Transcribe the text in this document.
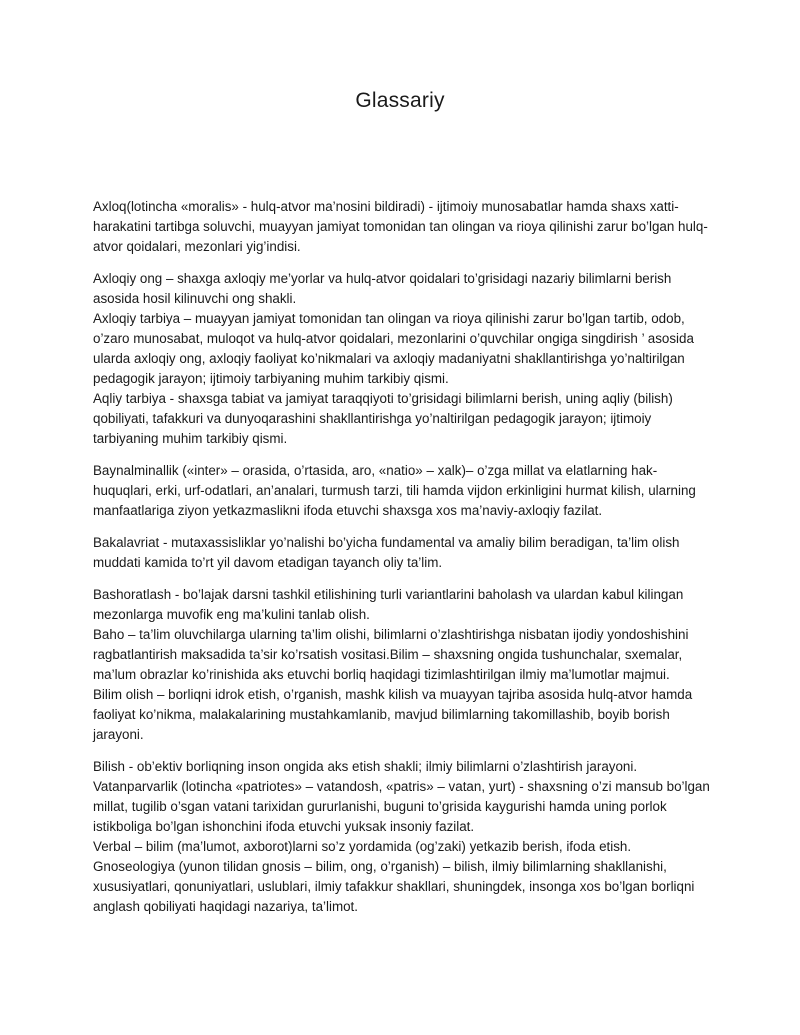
Glassariy

Axloq(lotincha «moralis» - hulq-atvor ma’nosini bildiradi) - ijtimoiy munosabatlar hamda shaxs xatti-harakatini tartibga soluvchi, muayyan jamiyat tomonidan tan olingan va rioya qilinishi zarur bo’lgan hulq-atvor qoidalari, mezonlari yig’indisi.

Axloqiy ong – shaxga axloqiy me’yorlar va hulq-atvor qoidalari to’grisidagi nazariy bilimlarni berish asosida hosil kilinuvchi ong shakli.

Axloqiy tarbiya – muayyan jamiyat tomonidan tan olingan va rioya qilinishi zarur bo’lgan tartib, odob, o’zaro munosabat, muloqot va hulq-atvor qoidalari, mezonlarini o’quvchilar ongiga singdirish ’ asosida ularda axloqiy ong, axloqiy faoliyat ko’nikmalari va axloqiy madaniyatni shakllantirishga yo’naltirilgan pedagogik jarayon; ijtimoiy tarbiyaning muhim tarkibiy qismi.

Aqliy tarbiya - shaxsga tabiat va jamiyat taraqqiyoti to’grisidagi bilimlarni berish, uning aqliy (bilish) qobiliyati, tafakkuri va dunyoqarashini shakllantirishga yo’naltirilgan pedagogik jarayon; ijtimoiy tarbiyaning muhim tarkibiy qismi.

Baynalminallik («inter» – orasida, o’rtasida, aro, «natio» – xalk)– o’zga millat va elatlarning hak-huquqlari, erki, urf-odatlari, an’analari, turmush tarzi, tili hamda vijdon erkinligini hurmat kilish, ularning manfaatlariga ziyon yetkazmaslikni ifoda etuvchi shaxsga xos ma’naviy-axloqiy fazilat.

Bakalavriat - mutaxassisliklar yo’nalishi bo’yicha fundamental va amaliy bilim beradigan, ta’lim olish muddati kamida to’rt yil davom etadigan tayanch oliy ta’lim.

Bashoratlash - bo’lajak darsni tashkil etilishining turli variantlarini baholash va ulardan kabul kilingan mezonlarga muvofik eng ma’kulini tanlab olish.

Baho – ta’lim oluvchilarga ularning ta’lim olishi, bilimlarni o’zlashtirishga nisbatan ijodiy yondoshishini ragbatlantirish maksadida ta’sir ko’rsatish vositasi.Bilim – shaxsning ongida tushunchalar, sxemalar, ma’lum obrazlar ko’rinishida aks etuvchi borliq haqidagi tizimlashtirilgan ilmiy ma’lumotlar majmui.

Bilim olish – borliqni idrok etish, o’rganish, mashk kilish va muayyan tajriba asosida hulq-atvor hamda faoliyat ko’nikma, malakalarining mustahkamlanib, mavjud bilimlarning takomillashib, boyib borish jarayoni.

Bilish - ob’ektiv borliqning inson ongida aks etish shakli; ilmiy bilimlarni o’zlashtirish jarayoni.

Vatanparvarlik (lotincha «patriotes» – vatandosh, «patris» – vatan, yurt) - shaxsning o’zi mansub bo’lgan millat, tugilib o’sgan vatani tarixidan gururlanishi, buguni to’grisida kaygurishi hamda uning porlok istikboliga bo’lgan ishonchini ifoda etuvchi yuksak insoniy fazilat.

Verbal – bilim (ma’lumot, axborot)larni so’z yordamida (og’zaki) yetkazib berish, ifoda etish.

Gnoseologiya (yunon tilidan gnosis – bilim, ong, o’rganish) – bilish, ilmiy bilimlarning shakllanishi, xususiyatlari, qonuniyatlari, uslublari, ilmiy tafakkur shakllari, shuningdek, insonga xos bo’lgan borliqni anglash qobiliyati haqidagi nazariya, ta’limot.
